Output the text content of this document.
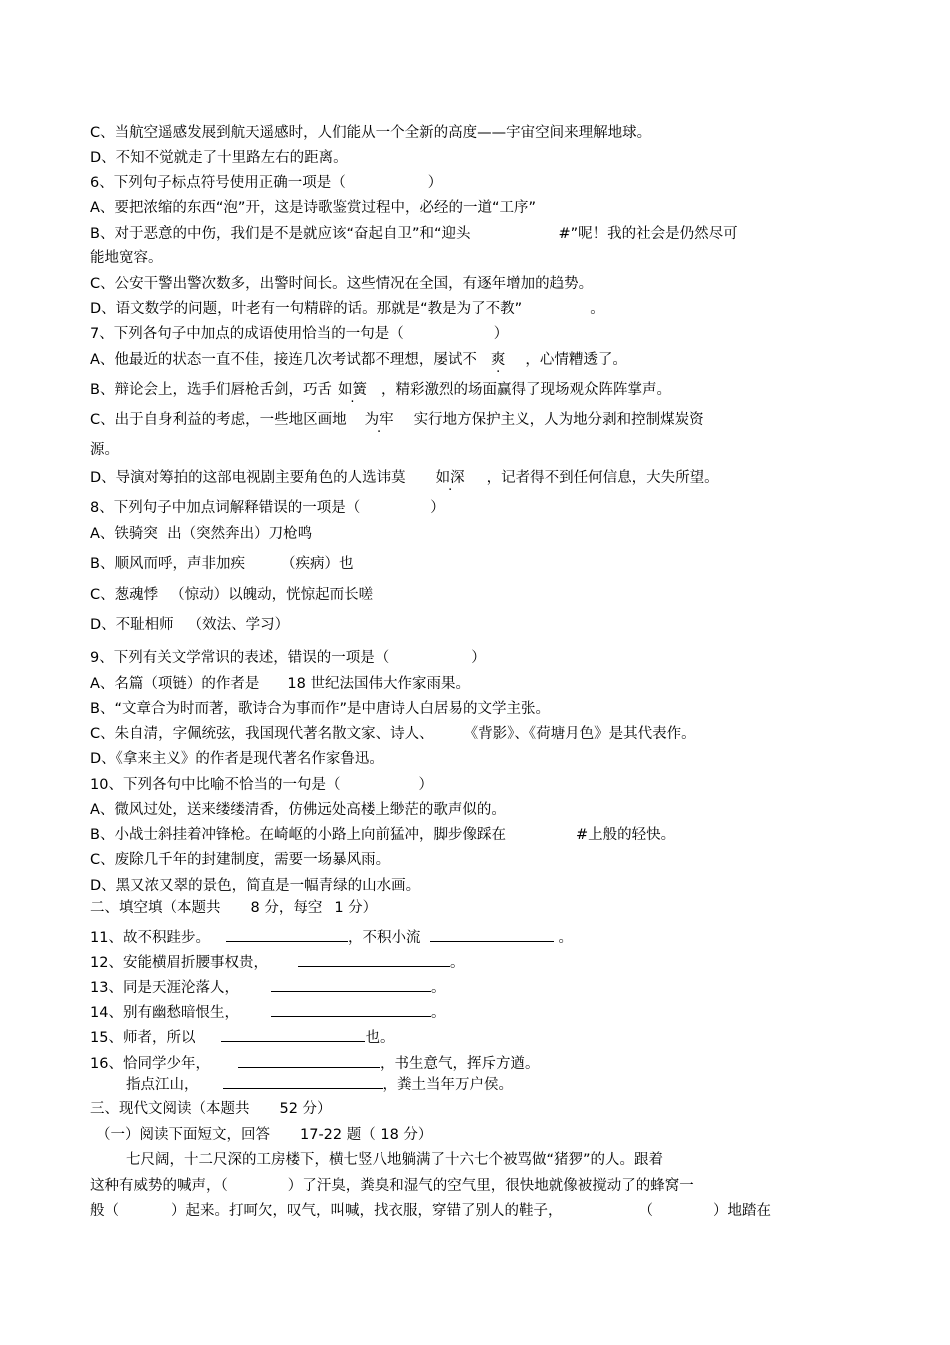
C、当航空遥感发展到航天遥感时，人们能从一个全新的高度——宇宙空间来理解地球。
D、不知不觉就走了十里路左右的距离。
6、下列句子标点符号使用正确一项是（	）
A、要把浓缩的东西“泡”开，这是诗歌鉴赏过程中，必经的一道“工序”
B、对于恶意的中伤，我们是不是就应该“奋起自卫”和“迎头	#”呢！我的社会是仍然尽可
能地宽容。
C、公安干警出警次数多，出警时间长。这些情况在全国，有逐年增加的趋势。
D、语文数学的问题，叶老有一句精辟的话。那就是“教是为了不教”	。
7、下列各句子中加点的成语使用恰当的一句是（	）
A、他最近的状态一直不佳，接连几次考试都不理想，屡试不 爽 ，心情糟透了。
B、辩论会上，选手们唇枪舌剑，巧舌 如簧 ，精彩激烈的场面赢得了现场观众阵阵掌声。
C、出于自身利益的考虑，一些地区画地 为牢 实行地方保护主义，人为地分剥和控制煤炭资
源。
D、导演对筹拍的这部电视剧主要角色的人选讳莫 如深 ，记者得不到任何信息，大失所望。
8、下列句子中加点词解释错误的一项是（	）
A、铁骑突  出（突然奔出）刀枪鸣
B、顺风而呼，声非加疾 （疾病）也
C、葱魂悸 （惊动）以魄动，恍惊起而长嗟
D、不耻相师 （效法、学习）
9、下列有关文学常识的表述，错误的一项是（	）
A、名篇（项链）的作者是 18 世纪法国伟大作家雨果。
B、“文章合为时而著，歌诗合为事而作”是中唐诗人白居易的文学主张。
C、朱自清，字佩统弦，我国现代著名散文家、诗人、 《背影》、《荷塘月色》是其代表作。
D、《拿来主义》的作者是现代著名作家鲁迅。
10、下列各句中比喻不恰当的一句是（	）
A、微风过处，送来缕缕清香，仿佛远处高楼上缈茫的歌声似的。
B、小战士斜挂着冲锋枪。在崎岖的小路上向前猛冲，脚步像踩在	#上般的轻快。
C、废除几千年的封建制度，需要一场暴风雨。
D、黑又浓又翠的景色，简直是一幅青绿的山水画。
二、填空填（本题共 8 分，每空 1 分）
11、故不积跬步。	，不积小流	。
12、安能横眉折腰事权贵，	。
13、同是天涯沦落人，	。
14、别有幽愁暗恨生，	。
15、师者，所以	也。
16、恰同学少年，	，书生意气，挥斥方遒。
指点江山，	，粪土当年万户侯。
三、现代文阅读（本题共 52 分）
（一）阅读下面短文，回答 17-22 题（ 18 分）
七尺阔，十二尺深的工房楼下，横七竖八地躺满了十六七个被骂做“猪猡”的人。跟着
这种有威势的喊声，（	）了汗臭，粪臭和湿气的空气里，很快地就像被搅动了的蜂窝一
般（	）起来。打呵欠，叹气，叫喊，找衣服，穿错了别人的鞋子，	（	）地踏在
